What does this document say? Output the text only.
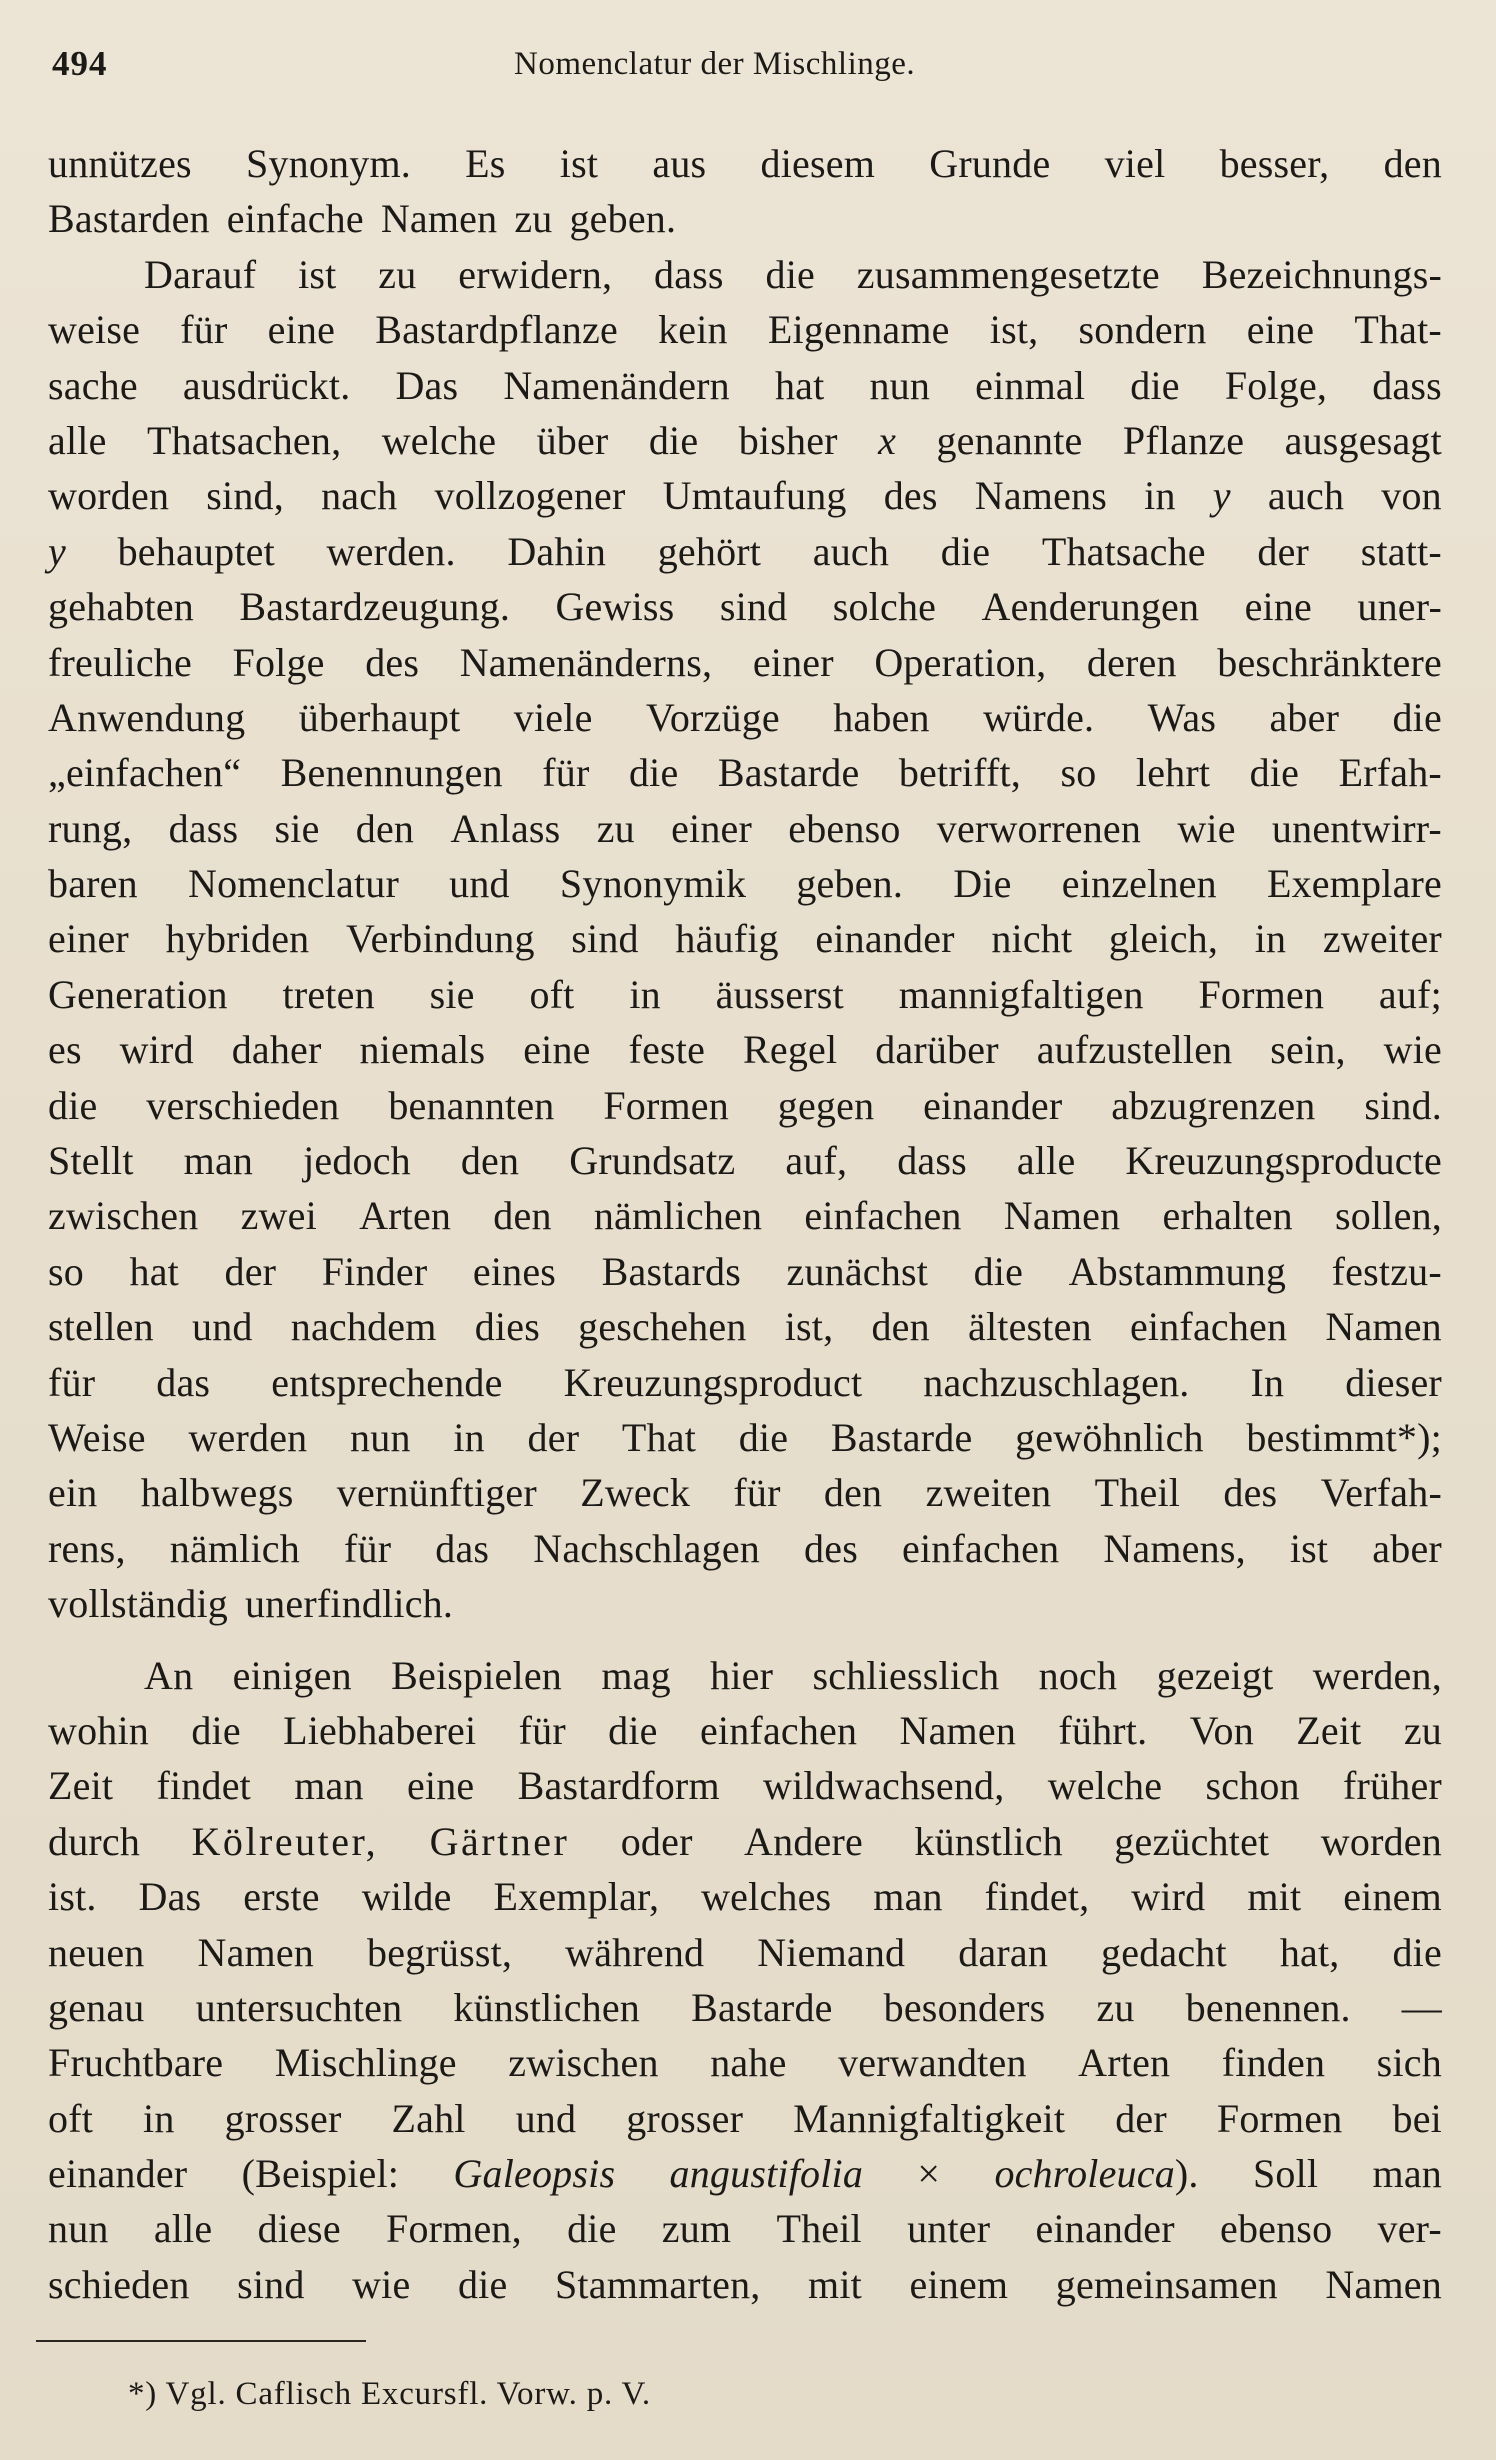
494	Nomenclatur der Mischlinge.
unnützes Synonym. Es ist aus diesem Grunde viel besser, den
Bastarden einfache Namen zu geben.
Darauf ist zu erwidern, dass die zusammengesetzte Bezeichnungs-
weise für eine Bastardpflanze kein Eigenname ist, sondern eine That-
sache ausdrückt. Das Namenändern hat nun einmal die Folge, dass
alle Thatsachen, welche über die bisher x genannte Pflanze ausgesagt
worden sind, nach vollzogener Umtaufung des Namens in y auch von
y behauptet werden. Dahin gehört auch die Thatsache der statt-
gehabten Bastardzeugung. Gewiss sind solche Aenderungen eine uner-
freuliche Folge des Namenänderns, einer Operation, deren beschränktere
Anwendung überhaupt viele Vorzüge haben würde. Was aber die
„einfachen“ Benennungen für die Bastarde betrifft, so lehrt die Erfah-
rung, dass sie den Anlass zu einer ebenso verworrenen wie unentwirr-
baren Nomenclatur und Synonymik geben. Die einzelnen Exemplare
einer hybriden Verbindung sind häufig einander nicht gleich, in zweiter
Generation treten sie oft in äusserst mannigfaltigen Formen auf;
es wird daher niemals eine feste Regel darüber aufzustellen sein, wie
die verschieden benannten Formen gegen einander abzugrenzen sind.
Stellt man jedoch den Grundsatz auf, dass alle Kreuzungsproducte
zwischen zwei Arten den nämlichen einfachen Namen erhalten sollen,
so hat der Finder eines Bastards zunächst die Abstammung festzu-
stellen und nachdem dies geschehen ist, den ältesten einfachen Namen
für das entsprechende Kreuzungsproduct nachzuschlagen. In dieser
Weise werden nun in der That die Bastarde gewöhnlich bestimmt*);
ein halbwegs vernünftiger Zweck für den zweiten Theil des Verfah-
rens, nämlich für das Nachschlagen des einfachen Namens, ist aber
vollständig unerfindlich.
An einigen Beispielen mag hier schliesslich noch gezeigt werden,
wohin die Liebhaberei für die einfachen Namen führt. Von Zeit zu
Zeit findet man eine Bastardform wildwachsend, welche schon früher
durch Kölreuter, Gärtner oder Andere künstlich gezüchtet worden
ist. Das erste wilde Exemplar, welches man findet, wird mit einem
neuen Namen begrüsst, während Niemand daran gedacht hat, die
genau untersuchten künstlichen Bastarde besonders zu benennen. —
Fruchtbare Mischlinge zwischen nahe verwandten Arten finden sich
oft in grosser Zahl und grosser Mannigfaltigkeit der Formen bei
einander (Beispiel: Galeopsis angustifolia × ochroleuca). Soll man
nun alle diese Formen, die zum Theil unter einander ebenso ver-
schieden sind wie die Stammarten, mit einem gemeinsamen Namen
*) Vgl. Caflisch Excursfl. Vorw. p. V.
